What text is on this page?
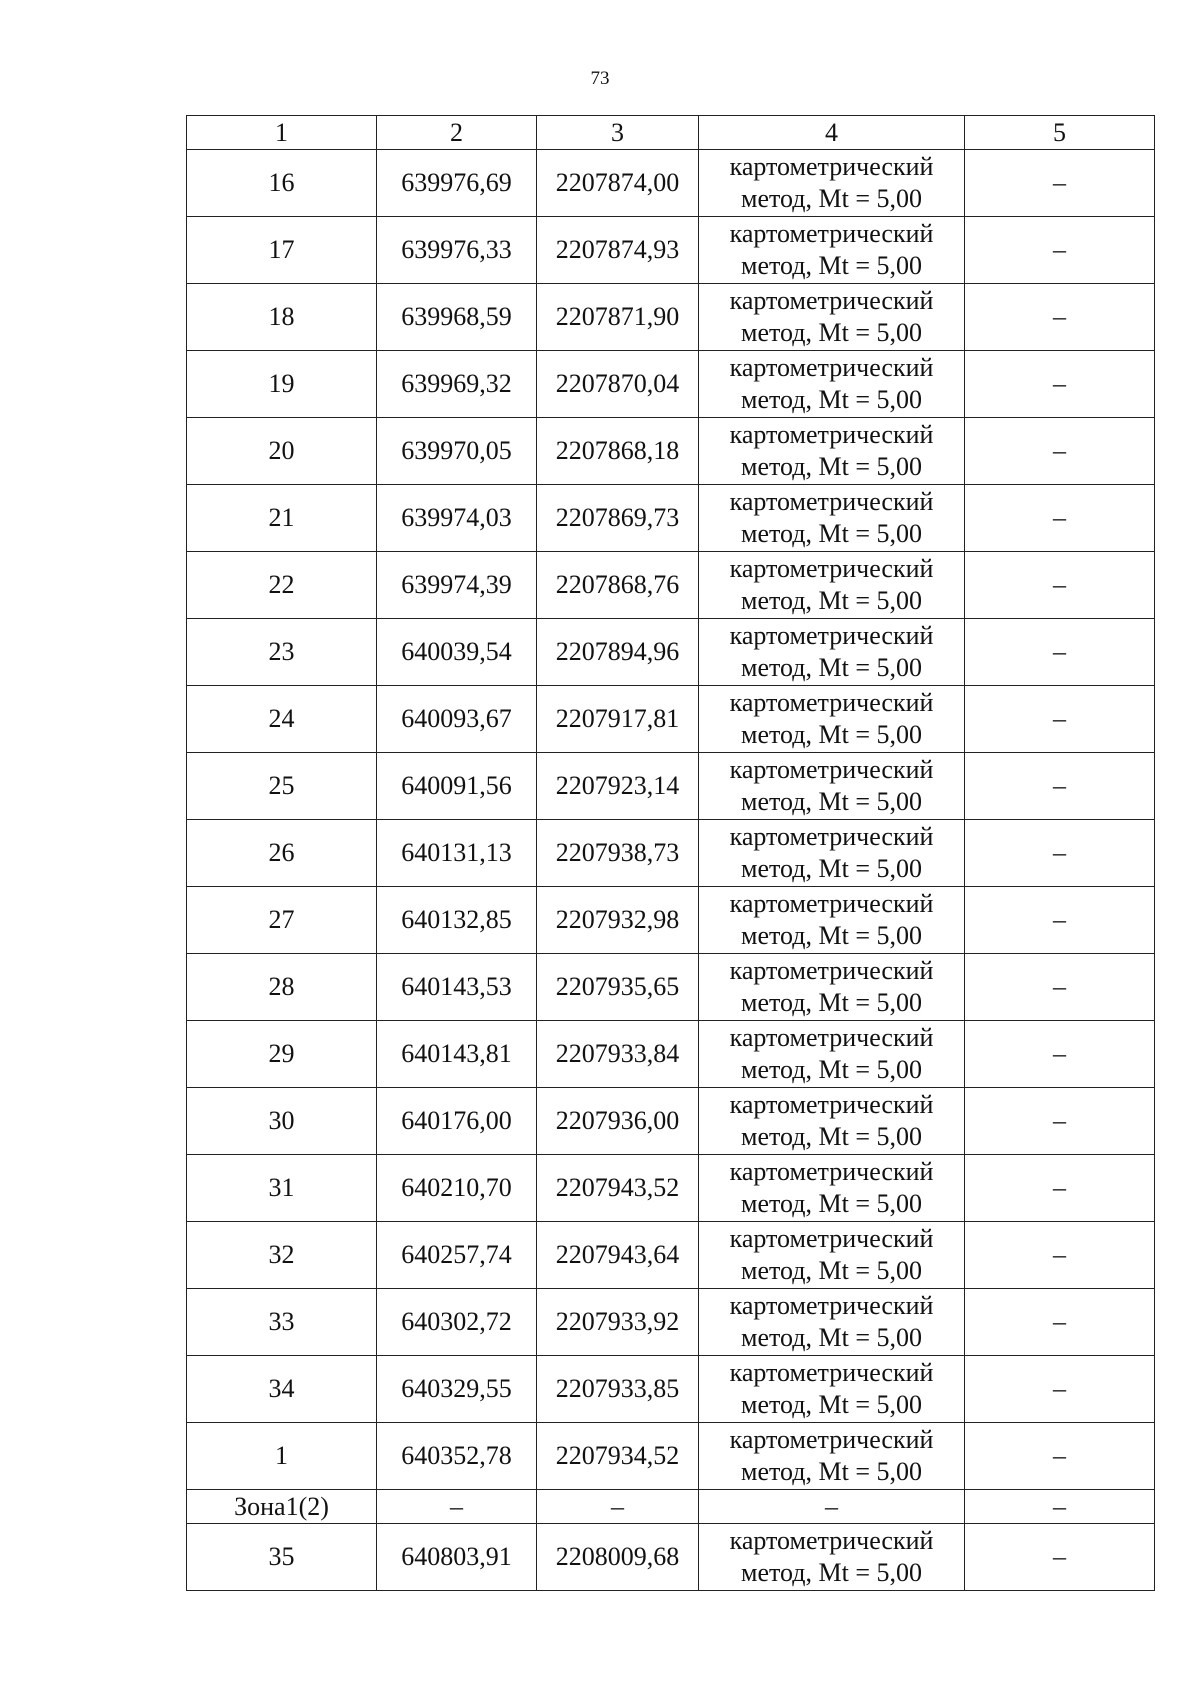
73
1	2	3	4	5
16	639976,69	2207874,00	картометрический
метод, Mt = 5,00	–
17	639976,33	2207874,93	картометрический
метод, Mt = 5,00	–
18	639968,59	2207871,90	картометрический
метод, Mt = 5,00	–
19	639969,32	2207870,04	картометрический
метод, Mt = 5,00	–
20	639970,05	2207868,18	картометрический
метод, Mt = 5,00	–
21	639974,03	2207869,73	картометрический
метод, Mt = 5,00	–
22	639974,39	2207868,76	картометрический
метод, Mt = 5,00	–
23	640039,54	2207894,96	картометрический
метод, Mt = 5,00	–
24	640093,67	2207917,81	картометрический
метод, Mt = 5,00	–
25	640091,56	2207923,14	картометрический
метод, Mt = 5,00	–
26	640131,13	2207938,73	картометрический
метод, Mt = 5,00	–
27	640132,85	2207932,98	картометрический
метод, Mt = 5,00	–
28	640143,53	2207935,65	картометрический
метод, Mt = 5,00	–
29	640143,81	2207933,84	картометрический
метод, Mt = 5,00	–
30	640176,00	2207936,00	картометрический
метод, Mt = 5,00	–
31	640210,70	2207943,52	картометрический
метод, Mt = 5,00	–
32	640257,74	2207943,64	картометрический
метод, Mt = 5,00	–
33	640302,72	2207933,92	картометрический
метод, Mt = 5,00	–
34	640329,55	2207933,85	картометрический
метод, Mt = 5,00	–
1	640352,78	2207934,52	картометрический
метод, Mt = 5,00	–
Зона1(2)	–	–	–	–
35	640803,91	2208009,68	картометрический
метод, Mt = 5,00	–
